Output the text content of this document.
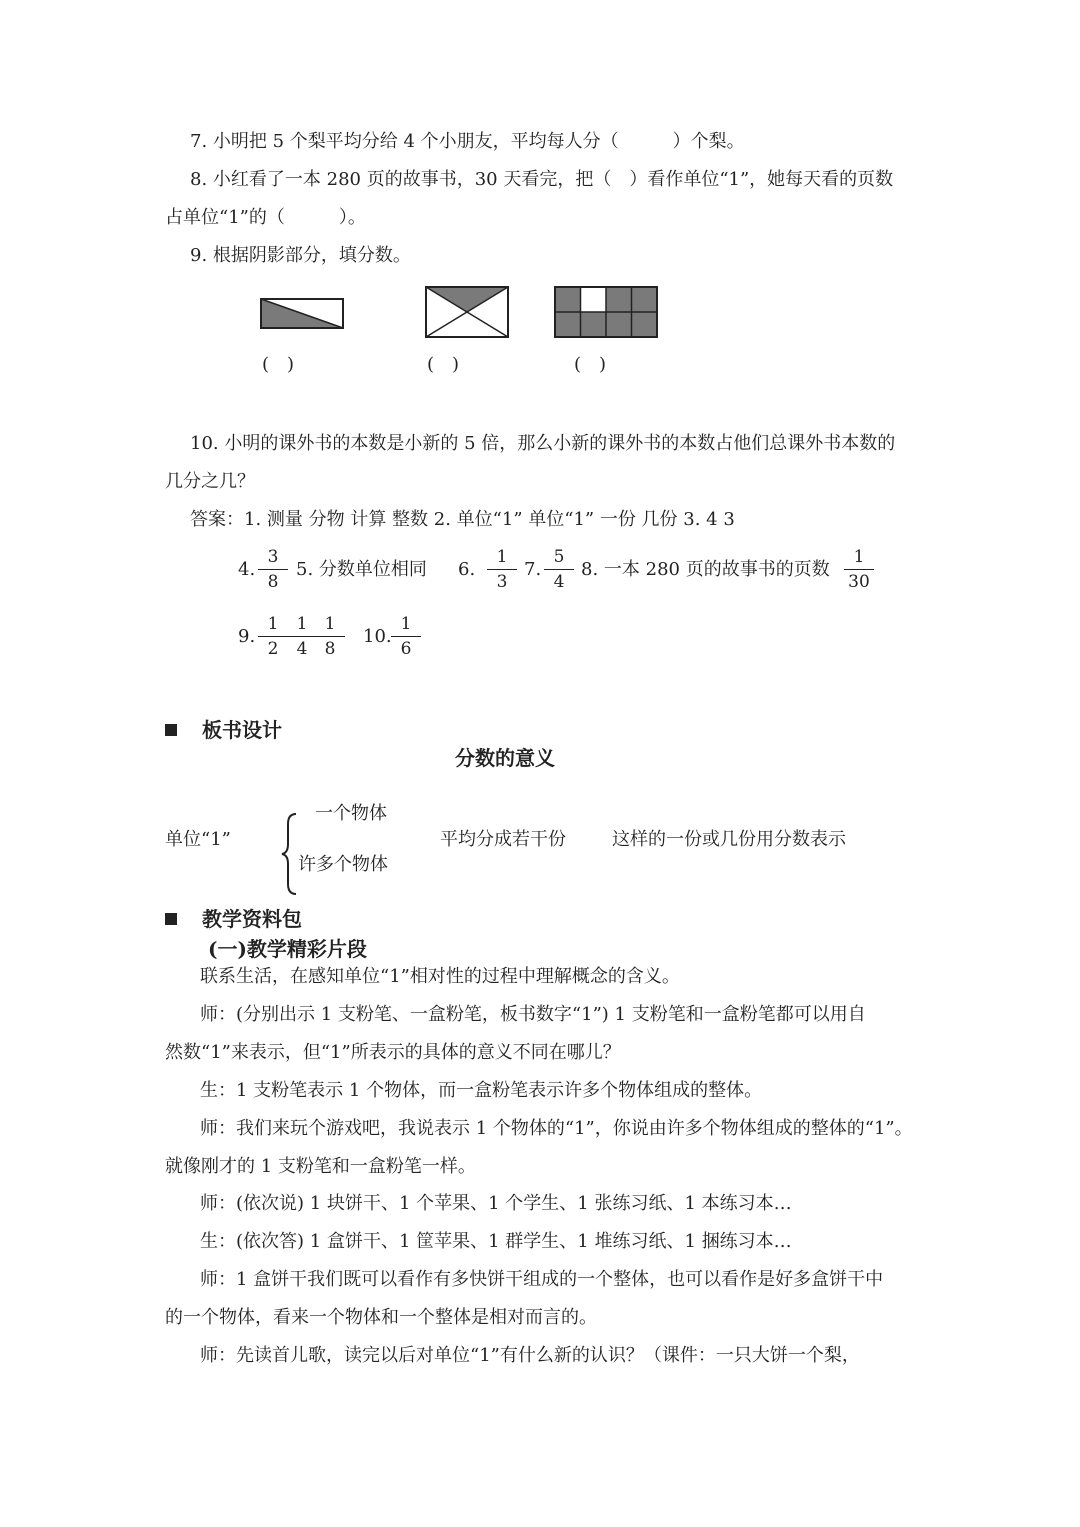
7. 小明把 5 个梨平均分给 4 个小朋友，平均每人分（　　　）个梨。
8. 小红看了一本 280 页的故事书，30 天看完，把（　）看作单位“1”，她每天看的页数
占单位“1”的（　　　）。
9. 根据阴影部分，填分数。
(　)	(　)	(　)
10. 小明的课外书的本数是小新的 5 倍，那么小新的课外书的本数占他们总课外书本数的
几分之几？
答案：1. 测量 分物 计算 整数 2. 单位“1” 单位“1” 一份 几份 3. 4 3
4. $\frac{3}{8} 5$. 分数单位相同 6. $\frac{1}{3} 7$. $\frac{5}{4} 8$. 一本 280 页的故事书的页数 $\frac{1}{30}$
9. $\frac{1}{2} \frac{1}{4}$
$\frac{1}{8} 10$. $\frac{1}{6}$
板书设计
分数的意义
单位“1”
一个物体
许多个物体
平均分成若干份	这样的一份或几份用分数表示
教学资料包
(一)教学精彩片段
联系生活，在感知单位“1”相对性的过程中理解概念的含义。
师：(分别出示 1 支粉笔、一盒粉笔，板书数字“1”) 1 支粉笔和一盒粉笔都可以用自
然数“1”来表示，但“1”所表示的具体的意义不同在哪儿？
生：1 支粉笔表示 1 个物体，而一盒粉笔表示许多个物体组成的整体。
师：我们来玩个游戏吧，我说表示 1 个物体的“1”，你说由许多个物体组成的整体的“1”。
就像刚才的 1 支粉笔和一盒粉笔一样。
师：(依次说) 1 块饼干、1 个苹果、1 个学生、1 张练习纸、1 本练习本…
生：(依次答) 1 盒饼干、1 筐苹果、1 群学生、1 堆练习纸、1 捆练习本…
师：1 盒饼干我们既可以看作有多快饼干组成的一个整体，也可以看作是好多盒饼干中
的一个物体，看来一个物体和一个整体是相对而言的。
师：先读首儿歌，读完以后对单位“1”有什么新的认识？（课件：一只大饼一个梨，
